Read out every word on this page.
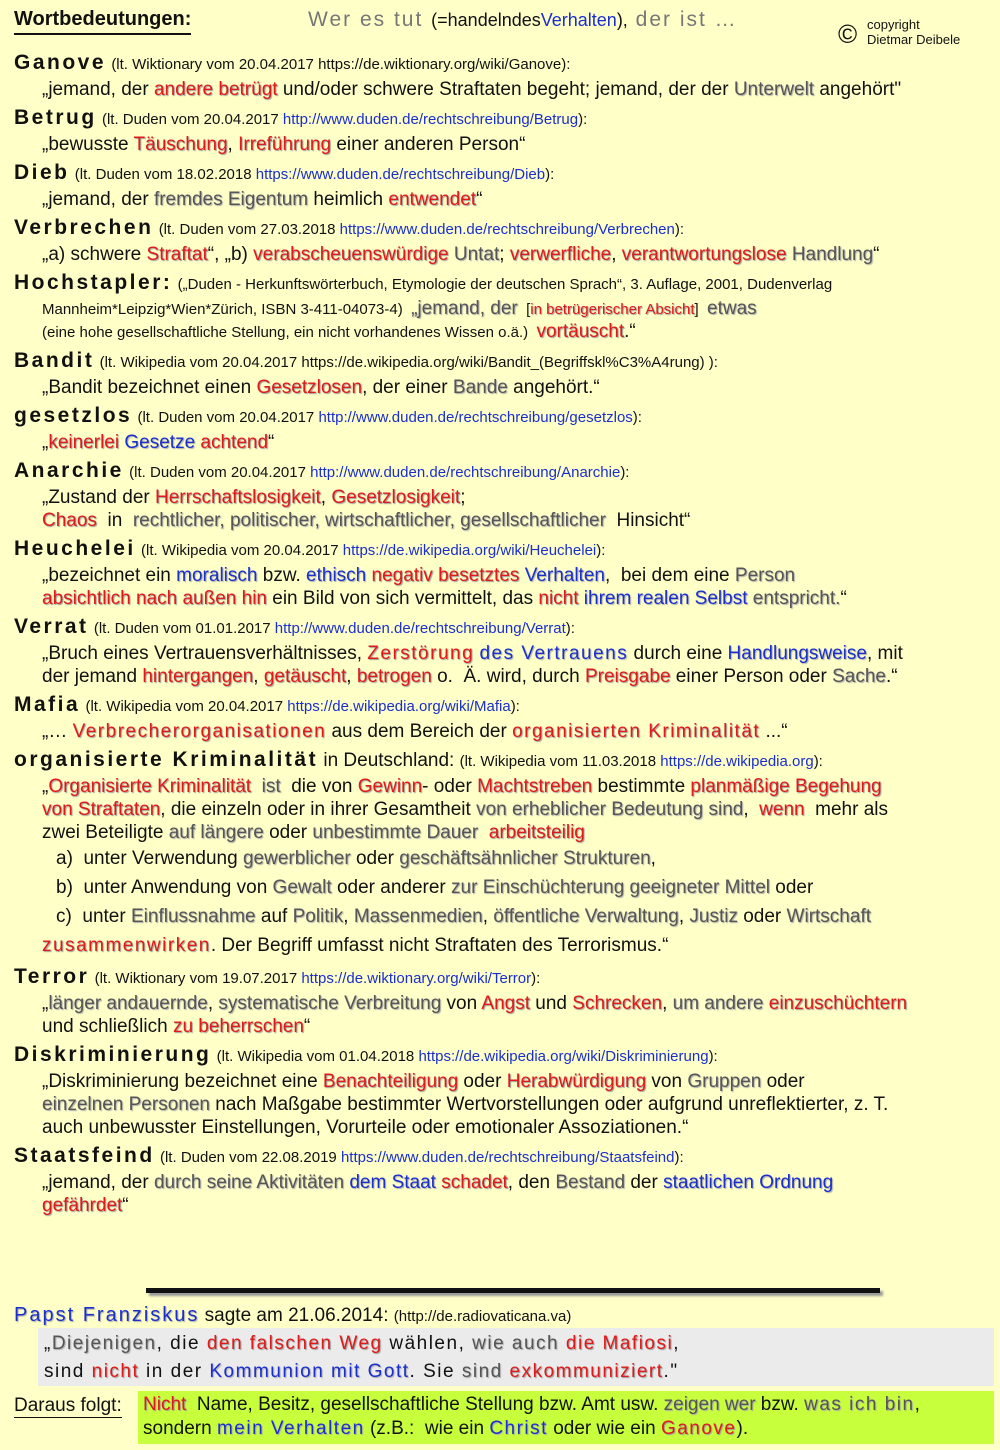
Wortbedeutungen:	Wer es tut (=handelndesVerhalten), der ist …	© copyright
Dietmar Deibele
Ganove (lt. Wiktionary vom 20.04.2017 https://de.wiktionary.org/wiki/Ganove):
„jemand, der andere betrügt und/oder schwere Straftaten begeht; jemand, der der Unterwelt angehört"
Betrug (lt. Duden vom 20.04.2017 http://www.duden.de/rechtschreibung/Betrug):
„bewusste Täuschung, Irreführung einer anderen Person“
Dieb (lt. Duden vom 18.02.2018 https://www.duden.de/rechtschreibung/Dieb):
„jemand, der fremdes Eigentum heimlich entwendet“
Verbrechen (lt. Duden vom 27.03.2018 https://www.duden.de/rechtschreibung/Verbrechen):
„a) schwere Straftat“, „b) verabscheuenswürdige Untat; verwerfliche, verantwortungslose Handlung“
Hochstapler: („Duden - Herkunftswörterbuch, Etymologie der deutschen Sprach“, 3. Auflage, 2001, Dudenverlag
Mannheim*Leipzig*Wien*Zürich, ISBN 3-411-04073-4) „jemand, der [in betrügerischer Absicht] etwas
(eine hohe gesellschaftliche Stellung, ein nicht vorhandenes Wissen o.ä.) vortäuscht.“
Bandit (lt. Wikipedia vom 20.04.2017 https://de.wikipedia.org/wiki/Bandit_(Begriffskl%C3%A4rung) ):
„Bandit bezeichnet einen Gesetzlosen, der einer Bande angehört.“
gesetzlos (lt. Duden vom 20.04.2017 http://www.duden.de/rechtschreibung/gesetzlos):
„keinerlei Gesetze achtend“
Anarchie (lt. Duden vom 20.04.2017 http://www.duden.de/rechtschreibung/Anarchie):
„Zustand der Herrschaftslosigkeit, Gesetzlosigkeit;
Chaos  in  rechtlicher, politischer, wirtschaftlicher, gesellschaftlicher  Hinsicht“
Heuchelei (lt. Wikipedia vom 20.04.2017 https://de.wikipedia.org/wiki/Heuchelei):
„bezeichnet ein moralisch bzw. ethisch negativ besetztes Verhalten,  bei dem eine Person
absichtlich nach außen hin ein Bild von sich vermittelt, das nicht ihrem realen Selbst entspricht.“
Verrat (lt. Duden vom 01.01.2017 http://www.duden.de/rechtschreibung/Verrat):
„Bruch eines Vertrauensverhältnisses, Zerstörung des Vertrauens durch eine Handlungsweise, mit
der jemand hintergangen, getäuscht, betrogen o.  Ä. wird, durch Preisgabe einer Person oder Sache.“
Mafia (lt. Wikipedia vom 20.04.2017 https://de.wikipedia.org/wiki/Mafia):
„… Verbrecherorganisationen aus dem Bereich der organisierten Kriminalität ...“
organisierte Kriminalität in Deutschland: (lt. Wikipedia vom 11.03.2018 https://de.wikipedia.org):
„Organisierte Kriminalität  ist  die von Gewinn- oder Machtstreben bestimmte planmäßige Begehung
von Straftaten, die einzeln oder in ihrer Gesamtheit von erheblicher Bedeutung sind,  wenn  mehr als
zwei Beteiligte auf längere oder unbestimmte Dauer arbeitsteilig
a)  unter Verwendung gewerblicher oder geschäftsähnlicher Strukturen,
b)  unter Anwendung von Gewalt oder anderer zur Einschüchterung geeigneter Mittel oder
c)  unter Einflussnahme auf Politik, Massenmedien, öffentliche Verwaltung, Justiz oder Wirtschaft
zusammenwirken. Der Begriff umfasst nicht Straftaten des Terrorismus.“
Terror (lt. Wiktionary vom 19.07.2017 https://de.wiktionary.org/wiki/Terror):
„länger andauernde, systematische Verbreitung von Angst und Schrecken, um andere einzuschüchtern
und schließlich zu beherrschen“
Diskriminierung (lt. Wikipedia vom 01.04.2018 https://de.wikipedia.org/wiki/Diskriminierung):
„Diskriminierung bezeichnet eine Benachteiligung oder Herabwürdigung von Gruppen oder
einzelnen Personen nach Maßgabe bestimmter Wertvorstellungen oder aufgrund unreflektierter, z. T.
auch unbewusster Einstellungen, Vorurteile oder emotionaler Assoziationen.“
Staatsfeind (lt. Duden vom 22.08.2019 https://www.duden.de/rechtschreibung/Staatsfeind):
„jemand, der durch seine Aktivitäten dem Staat schadet, den Bestand der staatlichen Ordnung
gefährdet“
Papst Franziskus sagte am 21.06.2014: (http://de.radiovaticana.va)
„Diejenigen, die den falschen Weg wählen, wie auch die Mafiosi,
sind nicht in der Kommunion mit Gott. Sie sind exkommuniziert."
Daraus folgt: Nicht  Name, Besitz, gesellschaftliche Stellung bzw. Amt usw. zeigen wer bzw. was ich bin,
sondern mein Verhalten (z.B.:  wie ein Christ oder wie ein Ganove).
